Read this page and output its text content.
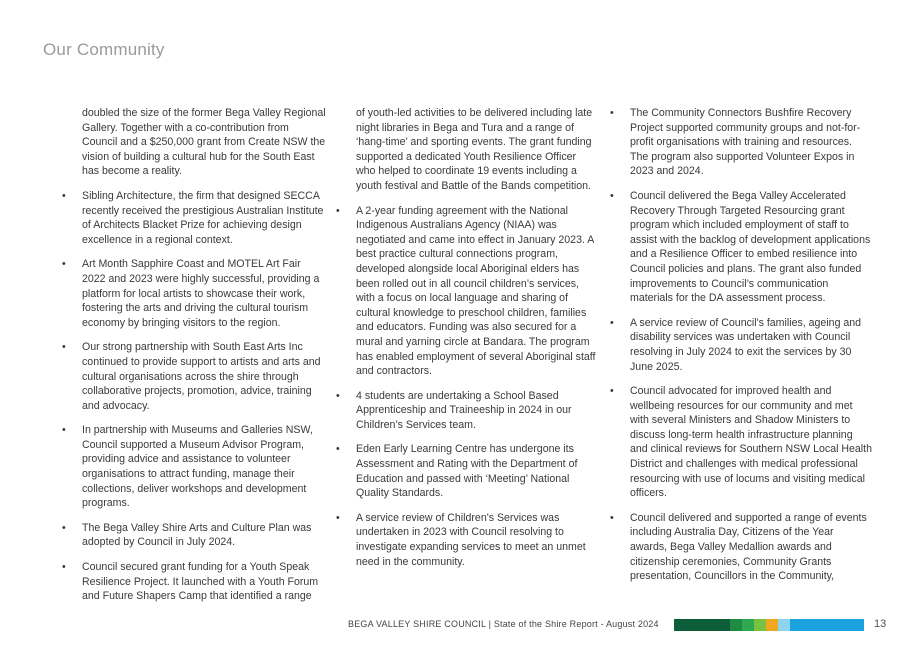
Our Community
doubled the size of the former Bega Valley Regional Gallery. Together with a co-contribution from Council and a $250,000 grant from Create NSW the vision of building a cultural hub for the South East has become a reality.
• Sibling Architecture, the firm that designed SECCA recently received the prestigious Australian Institute of Architects Blacket Prize for achieving design excellence in a regional context.
• Art Month Sapphire Coast and MOTEL Art Fair 2022 and 2023 were highly successful, providing a platform for local artists to showcase their work, fostering the arts and driving the cultural tourism economy by bringing visitors to the region.
• Our strong partnership with South East Arts Inc continued to provide support to artists and arts and cultural organisations across the shire through collaborative projects, promotion, advice, training and advocacy.
• In partnership with Museums and Galleries NSW, Council supported a Museum Advisor Program, providing advice and assistance to volunteer organisations to attract funding, manage their collections, deliver workshops and development programs.
• The Bega Valley Shire Arts and Culture Plan was adopted by Council in July 2024.
• Council secured grant funding for a Youth Speak Resilience Project. It launched with a Youth Forum and Future Shapers Camp that identified a range
of youth-led activities to be delivered including late night libraries in Bega and Tura and a range of ‘hang-time’ and sporting events. The grant funding supported a dedicated Youth Resilience Officer who helped to coordinate 19 events including a youth festival and Battle of the Bands competition.
• A 2-year funding agreement with the National Indigenous Australians Agency (NIAA) was negotiated and came into effect in January 2023. A best practice cultural connections program, developed alongside local Aboriginal elders has been rolled out in all council children’s services, with a focus on local language and sharing of cultural knowledge to preschool children, families and educators. Funding was also secured for a mural and yarning circle at Bandara. The program has enabled employment of several Aboriginal staff and contractors.
• 4 students are undertaking a School Based Apprenticeship and Traineeship in 2024 in our Children’s Services team.
• Eden Early Learning Centre has undergone its Assessment and Rating with the Department of Education and passed with ‘Meeting’ National Quality Standards.
• A service review of Children's Services was undertaken in 2023 with Council resolving to investigate expanding services to meet an unmet need in the community.
• The Community Connectors Bushfire Recovery Project supported community groups and not-for-profit organisations with training and resources. The program also supported Volunteer Expos in 2023 and 2024.
• Council delivered the Bega Valley Accelerated Recovery Through Targeted Resourcing grant program which included employment of staff to assist with the backlog of development applications and a Resilience Officer to embed resilience into Council policies and plans. The grant also funded improvements to Council’s communication materials for the DA assessment process.
• A service review of Council's families, ageing and disability services was undertaken with Council resolving in July 2024 to exit the services by 30 June 2025.
• Council advocated for improved health and wellbeing resources for our community and met with several Ministers and Shadow Ministers to discuss long-term health infrastructure planning and clinical reviews for Southern NSW Local Health District and challenges with medical professional resourcing with use of locums and visiting medical officers.
• Council delivered and supported a range of events including Australia Day, Citizens of the Year awards, Bega Valley Medallion awards and citizenship ceremonies, Community Grants presentation, Councillors in the Community,
BEGA VALLEY SHIRE COUNCIL | State of the Shire Report - August 2024	13
